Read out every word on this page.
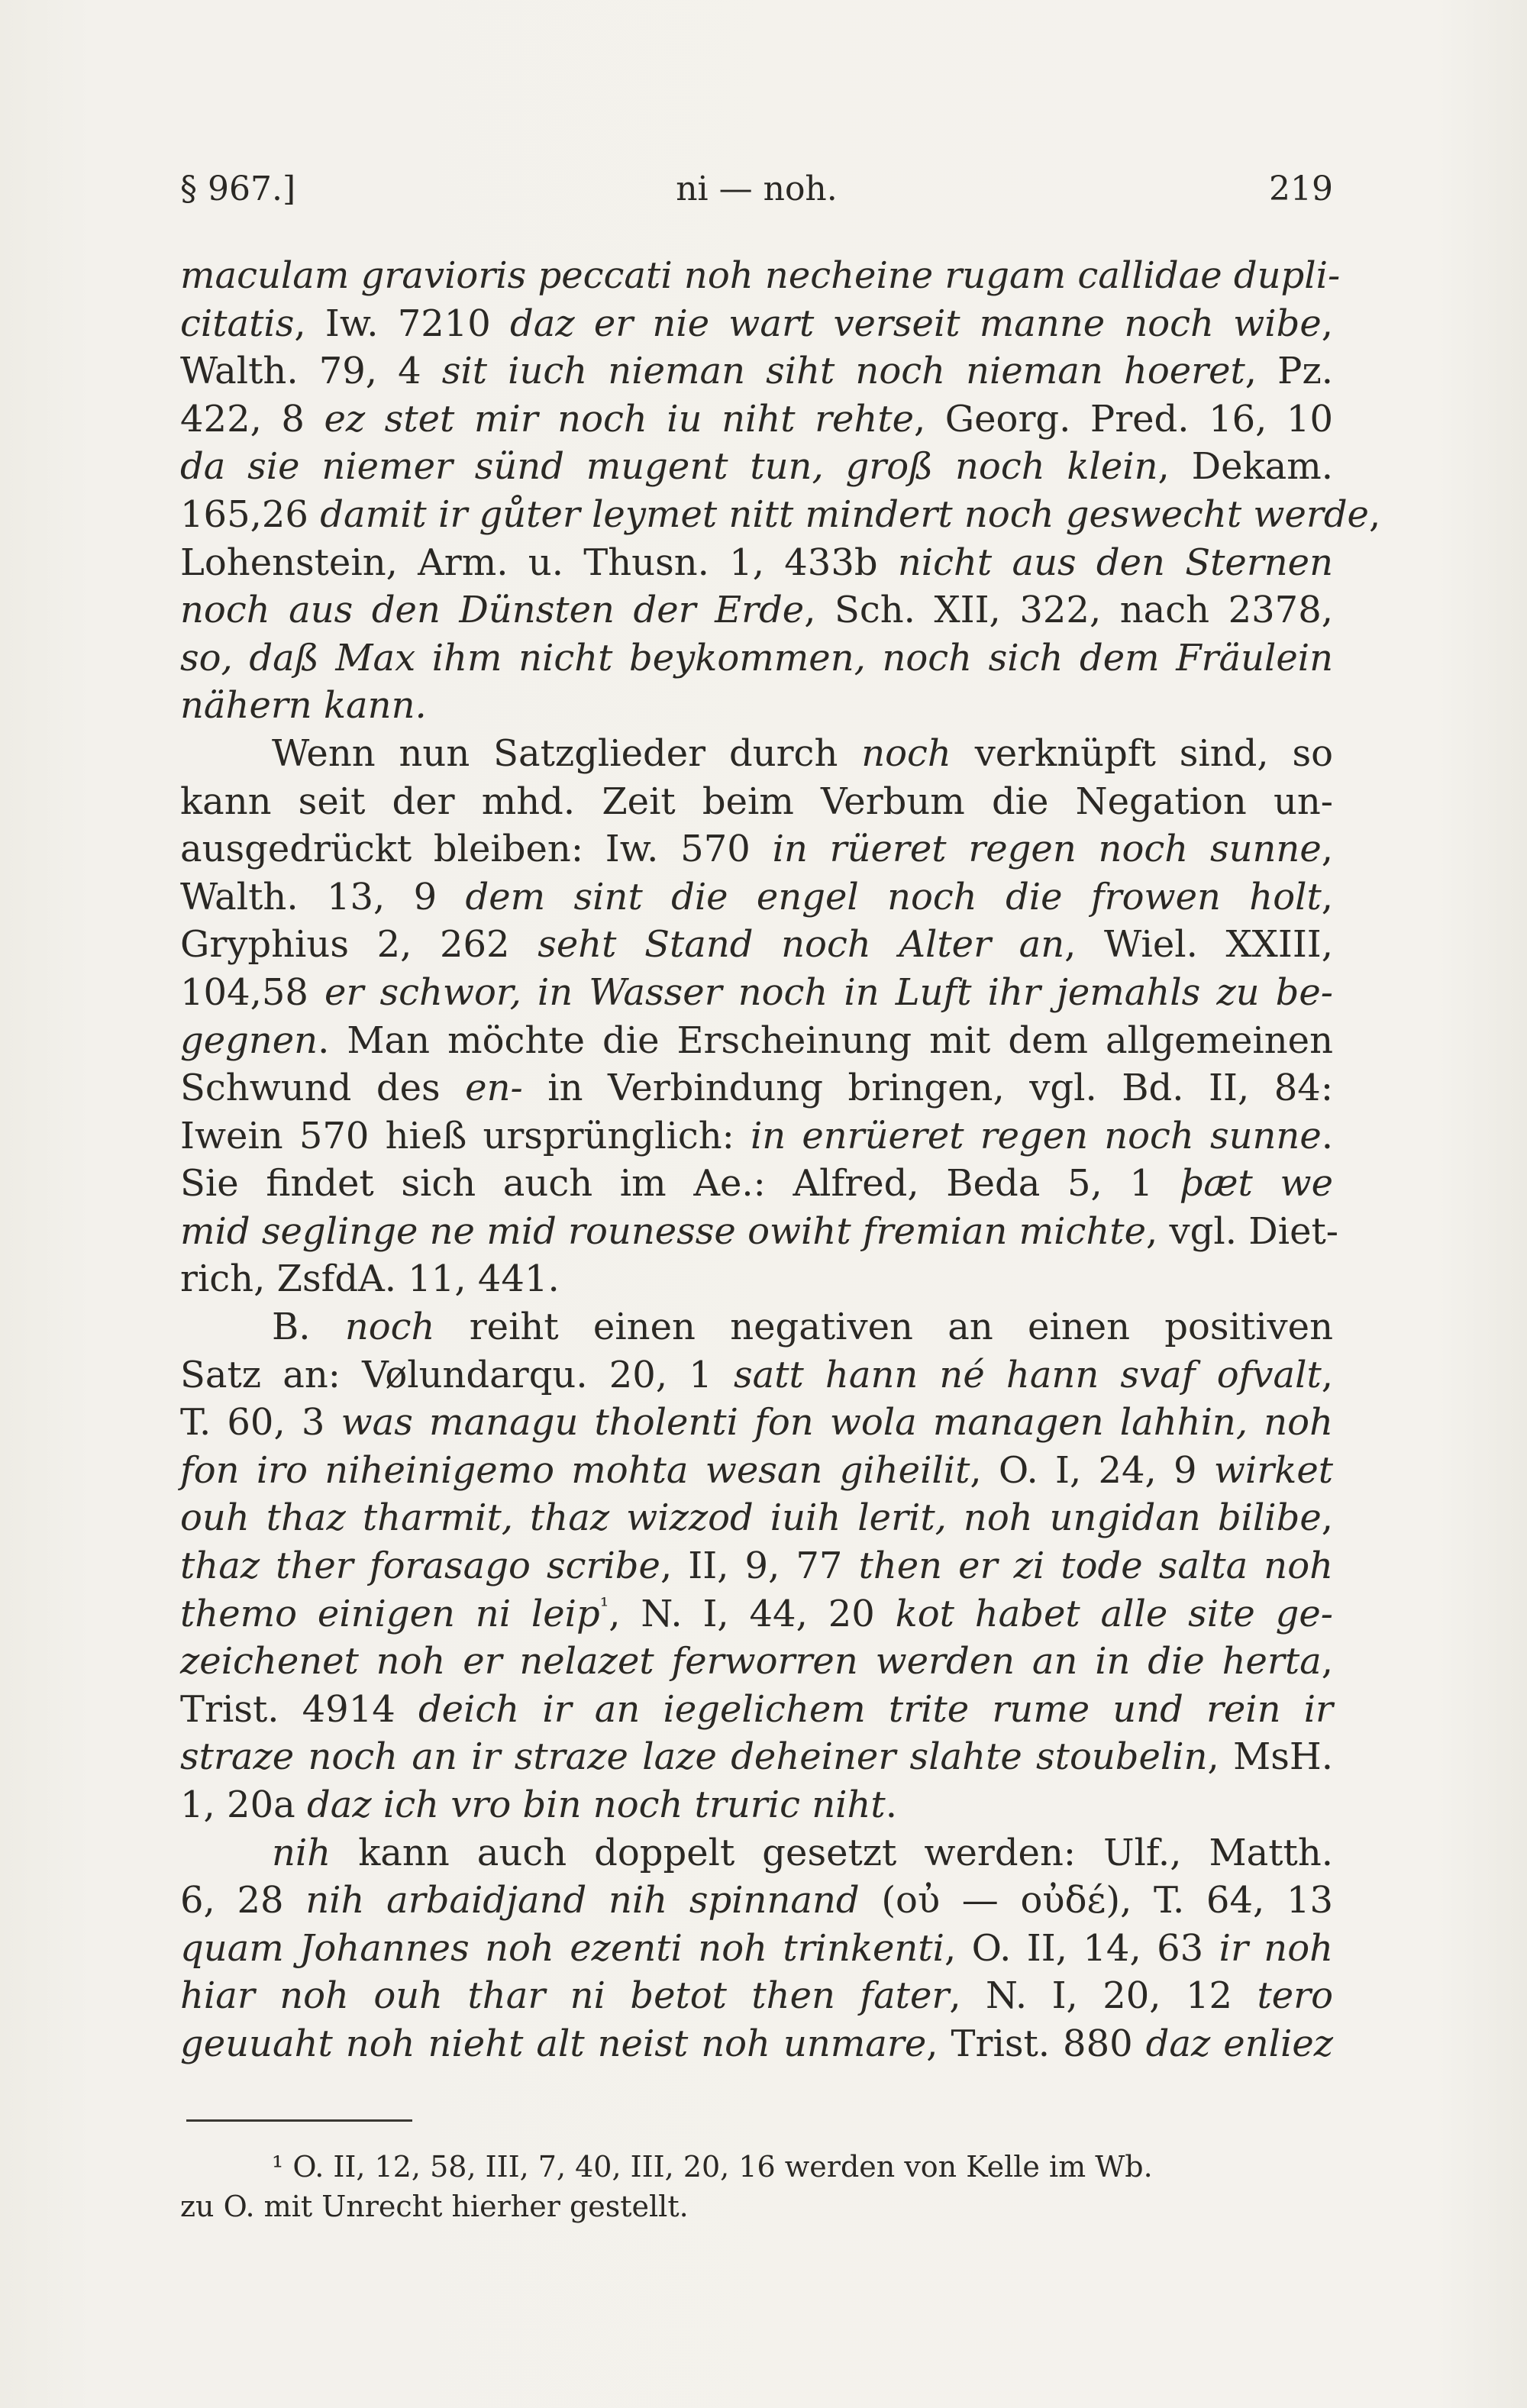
§ 967.]	ni — noh.	219
maculam gravioris peccati noh necheine rugam callidae dupli-
citatis, Iw. 7210 daz er nie wart verseit manne noch wibe,
Walth. 79, 4 sit iuch nieman siht noch nieman hoeret, Pz.
422, 8 ez stet mir noch iu niht rehte, Georg. Pred. 16, 10
da sie niemer sünd mugent tun, groß noch klein, Dekam.
165,26 damit ir gůter leymet nitt mindert noch geswecht werde,
Lohenstein, Arm. u. Thusn. 1, 433b nicht aus den Sternen
noch aus den Dünsten der Erde, Sch. XII, 322, nach 2378,
so, daß Max ihm nicht beykommen, noch sich dem Fräulein
nähern kann.
Wenn nun Satzglieder durch noch verknüpft sind, so
kann seit der mhd. Zeit beim Verbum die Negation un-
ausgedrückt bleiben: Iw. 570 in rüeret regen noch sunne,
Walth. 13, 9 dem sint die engel noch die frowen holt,
Gryphius 2, 262 seht Stand noch Alter an, Wiel. XXIII,
104,58 er schwor, in Wasser noch in Luft ihr jemahls zu be-
gegnen. Man möchte die Erscheinung mit dem allgemeinen
Schwund des en- in Verbindung bringen, vgl. Bd. II, 84:
Iwein 570 hieß ursprünglich: in enrüeret regen noch sunne.
Sie findet sich auch im Ae.: Alfred, Beda 5, 1 þæt we
mid seglinge ne mid rounesse owiht fremian michte, vgl. Diet-
rich, ZsfdA. 11, 441.
B. noch reiht einen negativen an einen positiven
Satz an: Vølundarqu. 20, 1 satt hann né hann svaf ofvalt,
T. 60, 3 was managu tholenti fon wola managen lahhin, noh
fon iro niheinigemo mohta wesan giheilit, O. I, 24, 9 wirket
ouh thaz tharmit, thaz wizzod iuih lerit, noh ungidan bilibe,
thaz ther forasago scribe, II, 9, 77 then er zi tode salta noh
themo einigen ni leip$^{^1}$, N. I, 44, 20 kot habet alle site ge-
zeichenet noh er nelazet ferworren werden an in die herta,
Trist. 4914 deich ir an iegelichem trite rume und rein ir
straze noch an ir straze laze deheiner slahte stoubelin, MsH.
1, 20a daz ich vro bin noch truric niht.
nih kann auch doppelt gesetzt werden: Ulf., Matth.
6, 28 nih arbaidjand nih spinnand (οὐ — οὐδέ), T. 64, 13
quam Johannes noh ezenti noh trinkenti, O. II, 14, 63 ir noh
hiar noh ouh thar ni betot then fater, N. I, 20, 12 tero
geuuaht noh nieht alt neist noh unmare, Trist. 880 daz enliez
¹ O. II, 12, 58, III, 7, 40, III, 20, 16 werden von Kelle im Wb.
zu O. mit Unrecht hierher gestellt.
